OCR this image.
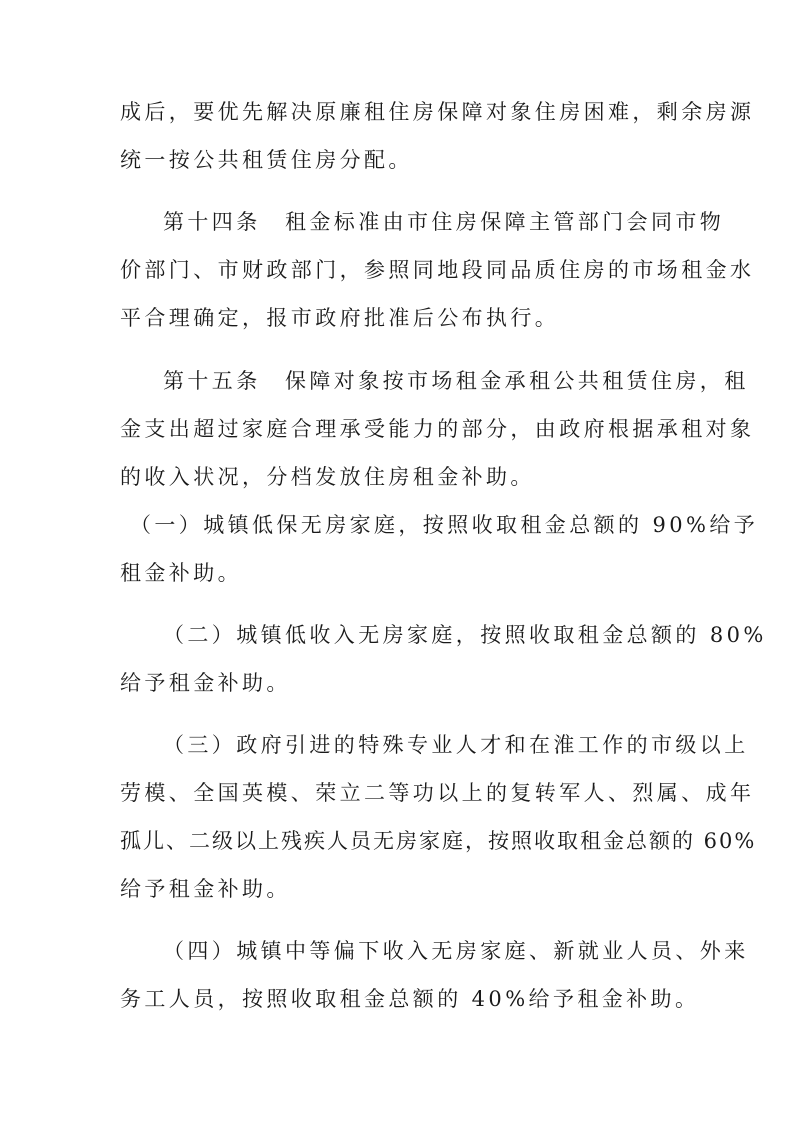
成后，要优先解决原廉租住房保障对象住房困难，剩余房源
统一按公共租赁住房分配。
第十四条　租金标准由市住房保障主管部门会同市物
价部门、市财政部门，参照同地段同品质住房的市场租金水
平合理确定，报市政府批准后公布执行。
第十五条　保障对象按市场租金承租公共租赁住房，租
金支出超过家庭合理承受能力的部分，由政府根据承租对象
的收入状况，分档发放住房租金补助。
（一）城镇低保无房家庭，按照收取租金总额的 90%给予
租金补助。
（二）城镇低收入无房家庭，按照收取租金总额的 80%
给予租金补助。
（三）政府引进的特殊专业人才和在淮工作的市级以上
劳模、全国英模、荣立二等功以上的复转军人、烈属、成年
孤儿、二级以上残疾人员无房家庭，按照收取租金总额的 60%
给予租金补助。
（四）城镇中等偏下收入无房家庭、新就业人员、外来
务工人员，按照收取租金总额的 40%给予租金补助。
